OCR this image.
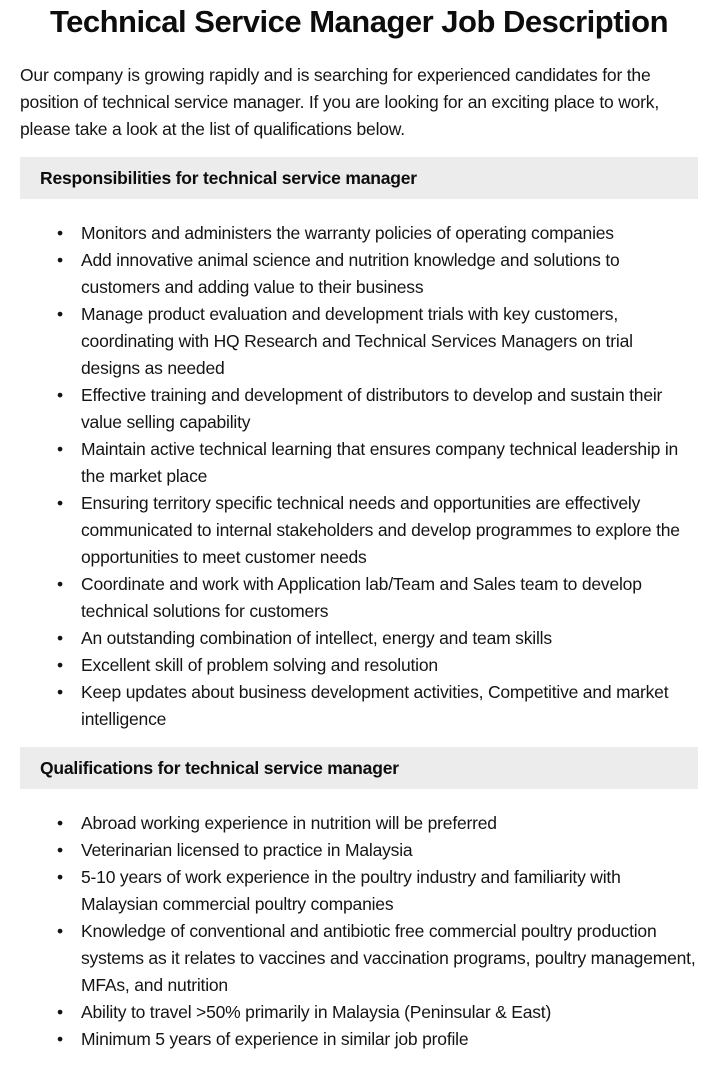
Technical Service Manager Job Description

Our company is growing rapidly and is searching for experienced candidates for the position of technical service manager. If you are looking for an exciting place to work, please take a look at the list of qualifications below.

Responsibilities for technical service manager
•	Monitors and administers the warranty policies of operating companies
•	Add innovative animal science and nutrition knowledge and solutions to customers and adding value to their business
•	Manage product evaluation and development trials with key customers, coordinating with HQ Research and Technical Services Managers on trial designs as needed
•	Effective training and development of distributors to develop and sustain their value selling capability
•	Maintain active technical learning that ensures company technical leadership in the market place
•	Ensuring territory specific technical needs and opportunities are effectively communicated to internal stakeholders and develop programmes to explore the opportunities to meet customer needs
•	Coordinate and work with Application lab/Team and Sales team to develop technical solutions for customers
•	An outstanding combination of intellect, energy and team skills
•	Excellent skill of problem solving and resolution
•	Keep updates about business development activities, Competitive and market intelligence
Qualifications for technical service manager
•	Abroad working experience in nutrition will be preferred
•	Veterinarian licensed to practice in Malaysia
•	5-10 years of work experience in the poultry industry and familiarity with Malaysian commercial poultry companies
•	Knowledge of conventional and antibiotic free commercial poultry production systems as it relates to vaccines and vaccination programs, poultry management, MFAs, and nutrition
•	Ability to travel >50% primarily in Malaysia (Peninsular & East)
•	Minimum 5 years of experience in similar job profile
